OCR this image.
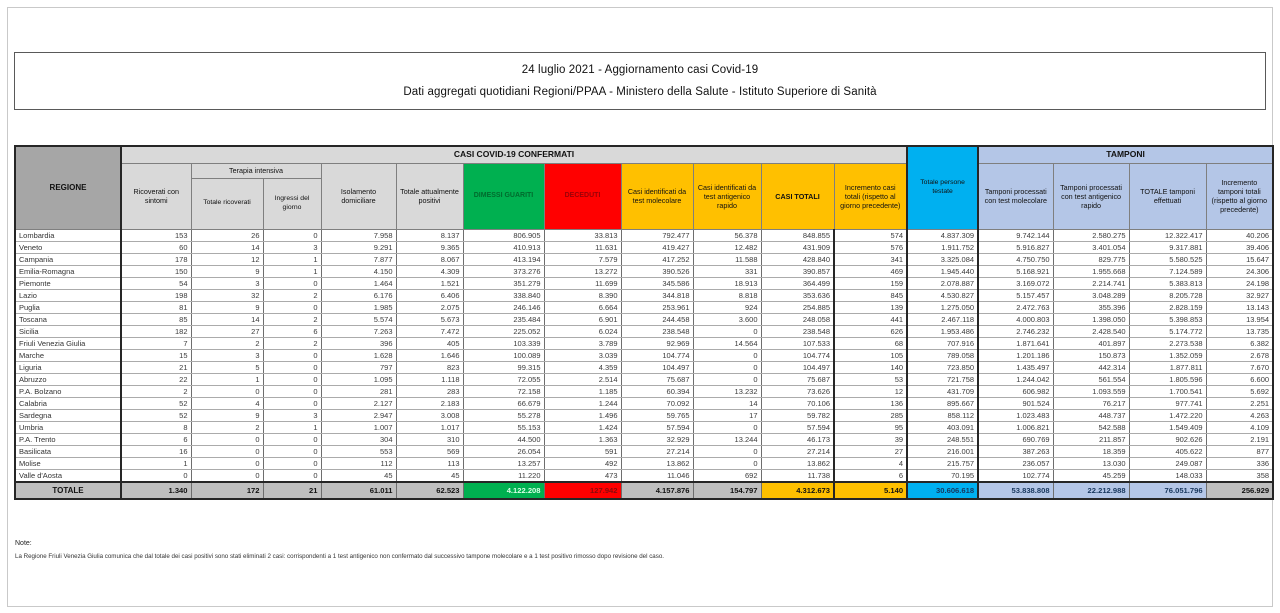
24 luglio 2021 - Aggiornamento casi Covid-19
Dati aggregati quotidiani Regioni/PPAA - Ministero della Salute - Istituto Superiore di Sanità
REGIONE	CASI COVID-19 CONFERMATI											Totale persone testate	TAMPONI			
	Ricoverati con sintomi	Terapia intensiva		Isolamento domiciliare	Totale attualmente positivi	DIMESSI GUARITI	DECEDUTI	Casi identificati da test molecolare	Casi identificati da test antigenico rapido	CASI TOTALI	Incremento casi totali (rispetto al giorno precedente)		Tamponi processati con test molecolare	Tamponi processati con test antigenico rapido	TOTALE tamponi effettuati	Incremento tamponi totali (rispetto al giorno precedente)
		Totale ricoverati	Ingressi del giorno													
Lombardia	153	26	0	7.958	8.137	806.905	33.813	792.477	56.378	848.855	574	4.837.309	9.742.144	2.580.275	12.322.417	40.206
Veneto	60	14	3	9.291	9.365	410.913	11.631	419.427	12.482	431.909	576	1.911.752	5.916.827	3.401.054	9.317.881	39.406
Campania	178	12	1	7.877	8.067	413.194	7.579	417.252	11.588	428.840	341	3.325.084	4.750.750	829.775	5.580.525	15.647
Emilia-Romagna	150	9	1	4.150	4.309	373.276	13.272	390.526	331	390.857	469	1.945.440	5.168.921	1.955.668	7.124.589	24.306
Piemonte	54	3	0	1.464	1.521	351.279	11.699	345.586	18.913	364.499	159	2.078.887	3.169.072	2.214.741	5.383.813	24.198
Lazio	198	32	2	6.176	6.406	338.840	8.390	344.818	8.818	353.636	845	4.530.827	5.157.457	3.048.289	8.205.728	32.927
Puglia	81	9	0	1.985	2.075	246.146	6.664	253.961	924	254.885	139	1.275.050	2.472.763	355.396	2.828.159	13.143
Toscana	85	14	2	5.574	5.673	235.484	6.901	244.458	3.600	248.058	441	2.467.118	4.000.803	1.398.050	5.398.853	13.954
Sicilia	182	27	6	7.263	7.472	225.052	6.024	238.548	0	238.548	626	1.953.486	2.746.232	2.428.540	5.174.772	13.735
Friuli Venezia Giulia	7	2	2	396	405	103.339	3.789	92.969	14.564	107.533	68	707.916	1.871.641	401.897	2.273.538	6.382
Marche	15	3	0	1.628	1.646	100.089	3.039	104.774	0	104.774	105	789.058	1.201.186	150.873	1.352.059	2.678
Liguria	21	5	0	797	823	99.315	4.359	104.497	0	104.497	140	723.850	1.435.497	442.314	1.877.811	7.670
Abruzzo	22	1	0	1.095	1.118	72.055	2.514	75.687	0	75.687	53	721.758	1.244.042	561.554	1.805.596	6.600
P.A. Bolzano	2	0	0	281	283	72.158	1.185	60.394	13.232	73.626	12	431.709	606.982	1.093.559	1.700.541	5.692
Calabria	52	4	0	2.127	2.183	66.679	1.244	70.092	14	70.106	136	895.667	901.524	76.217	977.741	2.251
Sardegna	52	9	3	2.947	3.008	55.278	1.496	59.765	17	59.782	285	858.112	1.023.483	448.737	1.472.220	4.263
Umbria	8	2	1	1.007	1.017	55.153	1.424	57.594	0	57.594	95	403.091	1.006.821	542.588	1.549.409	4.109
P.A. Trento	6	0	0	304	310	44.500	1.363	32.929	13.244	46.173	39	248.551	690.769	211.857	902.626	2.191
Basilicata	16	0	0	553	569	26.054	591	27.214	0	27.214	27	216.001	387.263	18.359	405.622	877
Molise	1	0	0	112	113	13.257	492	13.862	0	13.862	4	215.757	236.057	13.030	249.087	336
Valle d'Aosta	0	0	0	45	45	11.220	473	11.046	692	11.738	6	70.195	102.774	45.259	148.033	358
TOTALE	1.340	172	21	61.011	62.523	4.122.208	127.942	4.157.876	154.797	4.312.673	5.140	30.606.618	53.838.808	22.212.988	76.051.796	256.929
Note:
La Regione Friuli Venezia Giulia comunica che dal totale dei casi positivi sono stati eliminati 2 casi: corrispondenti a 1 test antigenico non confermato dal successivo tampone molecolare e a 1 test positivo rimosso dopo revisione del caso.
